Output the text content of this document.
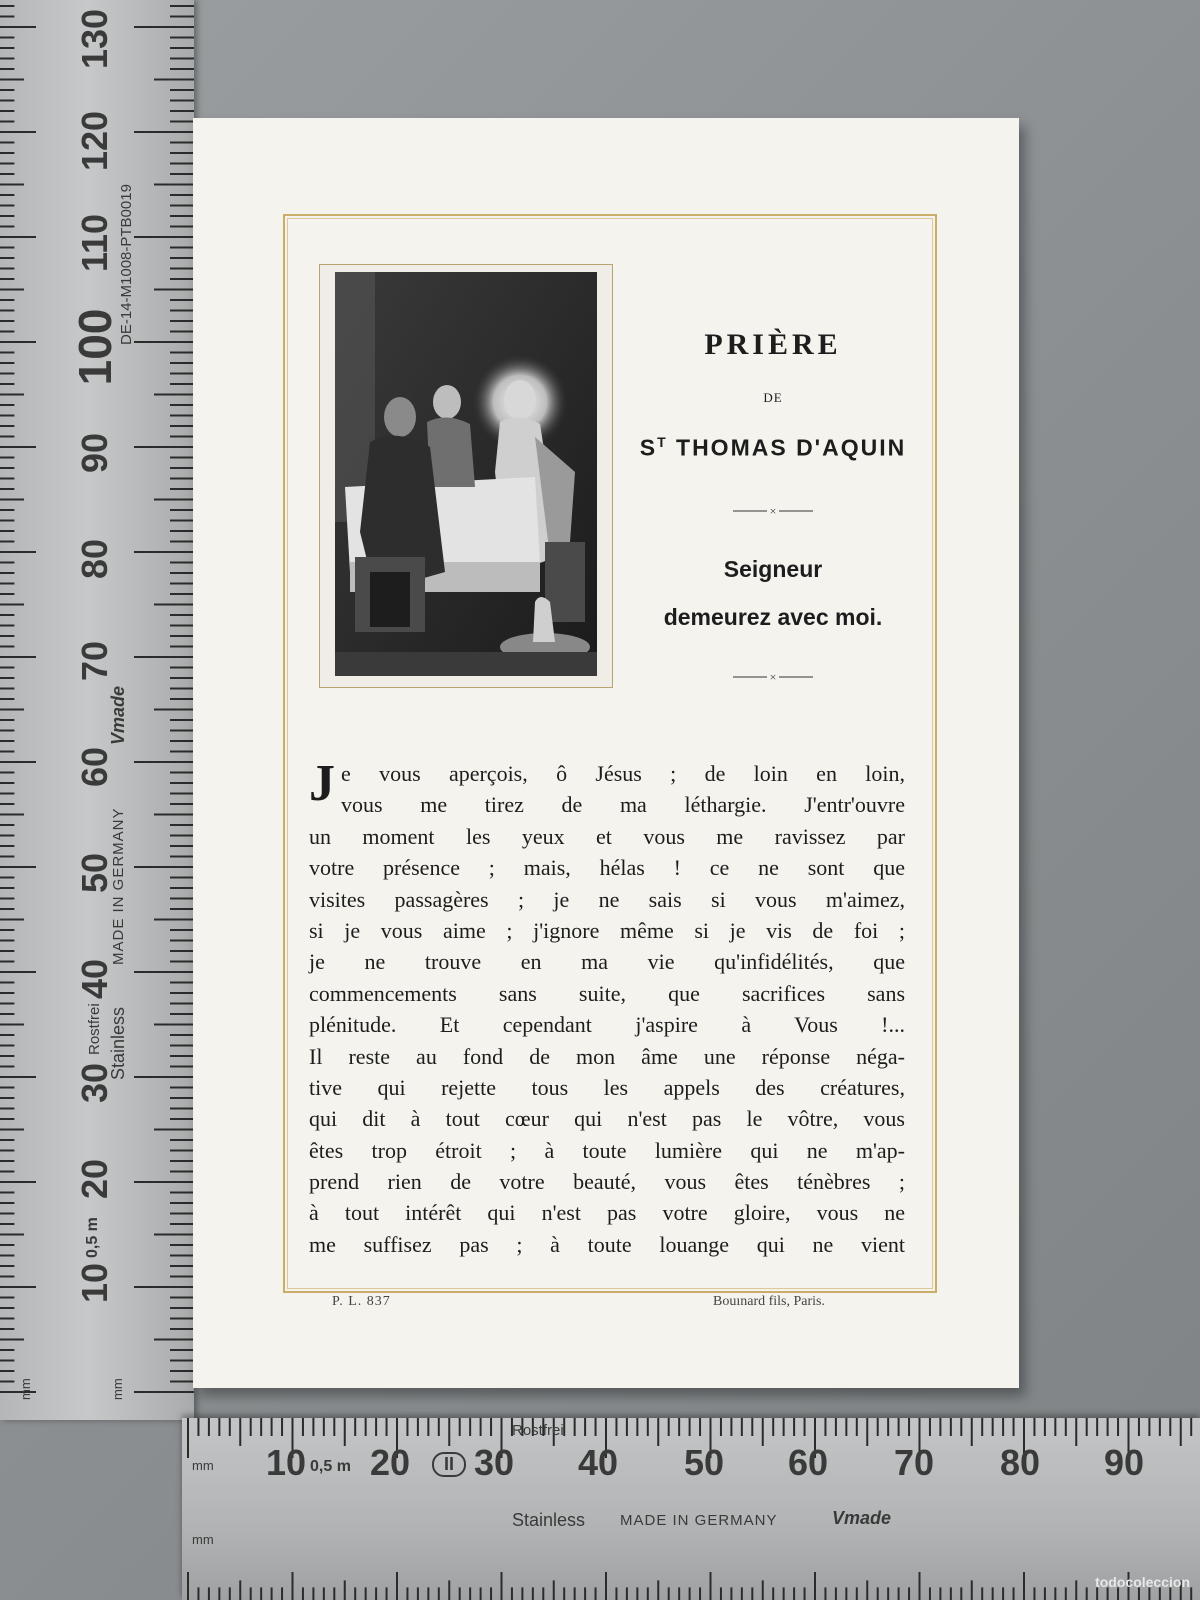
130
120
110
100
90
80
70
60
50
40
30
20
10
DE-14-M1008-PTB0019
MADE IN GERMANY
Vmade
Stainless
Rostfrei
mm	mm
0,5 m
10 0,5 m 20	II 30
Rostfrei
Stainless
40 50
MADE IN GERMANY
60
Vmade
70 80 90
mm
mm
PRIÈRE
DE
$S^T$ THOMAS D'AQUIN
×
Seigneur
demeurez avec moi.
×
J e vous aperçois, ô Jésus ; de loin en loin,
vous me tirez de ma léthargie. J'entr'ouvre
un moment les yeux et vous me ravissez par
votre présence ; mais, hélas ! ce ne sont que
visites passagères ; je ne sais si vous m'aimez,
si je vous aime ; j'ignore même si je vis de foi ;
je ne trouve en ma vie qu'infidélités, que
commencements sans suite, que sacrifices sans
plénitude. Et cependant j'aspire à Vous !...
Il reste au fond de mon âme une réponse néga-
tive qui rejette tous les appels des créatures,
qui dit à tout cœur qui n'est pas le vôtre, vous
êtes trop étroit ; à toute lumière qui ne m'ap-
prend rien de votre beauté, vous êtes ténèbres ;
à tout intérêt qui n'est pas votre gloire, vous ne
me suffisez pas ; à toute louange qui ne vient
P. L. 837	Bouınard fils, Paris.
todocoleccion
